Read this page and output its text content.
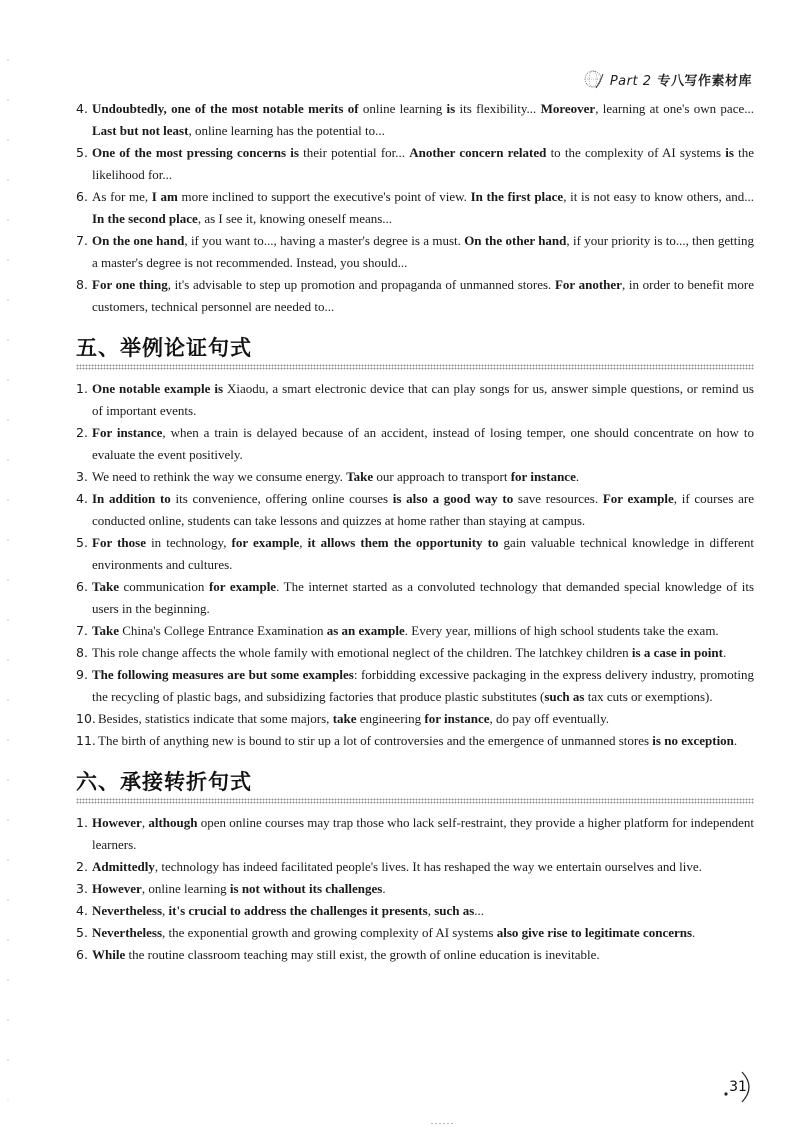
Part 2 专八写作素材库
4. Undoubtedly, one of the most notable merits of online learning is its flexibility... Moreover, learning at one's own pace... Last but not least, online learning has the potential to...
5. One of the most pressing concerns is their potential for... Another concern related to the complexity of AI systems is the likelihood for...
6. As for me, I am more inclined to support the executive's point of view. In the first place, it is not easy to know others, and... In the second place, as I see it, knowing oneself means...
7. On the one hand, if you want to..., having a master's degree is a must. On the other hand, if your priority is to..., then getting a master's degree is not recommended. Instead, you should...
8. For one thing, it's advisable to step up promotion and propaganda of unmanned stores. For another, in order to benefit more customers, technical personnel are needed to...
五、举例论证句式
1. One notable example is Xiaodu, a smart electronic device that can play songs for us, answer simple questions, or remind us of important events.
2. For instance, when a train is delayed because of an accident, instead of losing temper, one should concentrate on how to evaluate the event positively.
3. We need to rethink the way we consume energy. Take our approach to transport for instance.
4. In addition to its convenience, offering online courses is also a good way to save resources. For example, if courses are conducted online, students can take lessons and quizzes at home rather than staying at campus.
5. For those in technology, for example, it allows them the opportunity to gain valuable technical knowledge in different environments and cultures.
6. Take communication for example. The internet started as a convoluted technology that demanded special knowledge of its users in the beginning.
7. Take China's College Entrance Examination as an example. Every year, millions of high school students take the exam.
8. This role change affects the whole family with emotional neglect of the children. The latchkey children is a case in point.
9. The following measures are but some examples: forbidding excessive packaging in the express delivery industry, promoting the recycling of plastic bags, and subsidizing factories that produce plastic substitutes (such as tax cuts or exemptions).
10. Besides, statistics indicate that some majors, take engineering for instance, do pay off eventually.
11. The birth of anything new is bound to stir up a lot of controversies and the emergence of unmanned stores is no exception.
六、承接转折句式
1. However, although open online courses may trap those who lack self-restraint, they provide a higher platform for independent learners.
2. Admittedly, technology has indeed facilitated people's lives. It has reshaped the way we entertain ourselves and live.
3. However, online learning is not without its challenges.
4. Nevertheless, it's crucial to address the challenges it presents, such as...
5. Nevertheless, the exponential growth and growing complexity of AI systems also give rise to legitimate concerns.
6. While the routine classroom teaching may still exist, the growth of online education is inevitable.
31
